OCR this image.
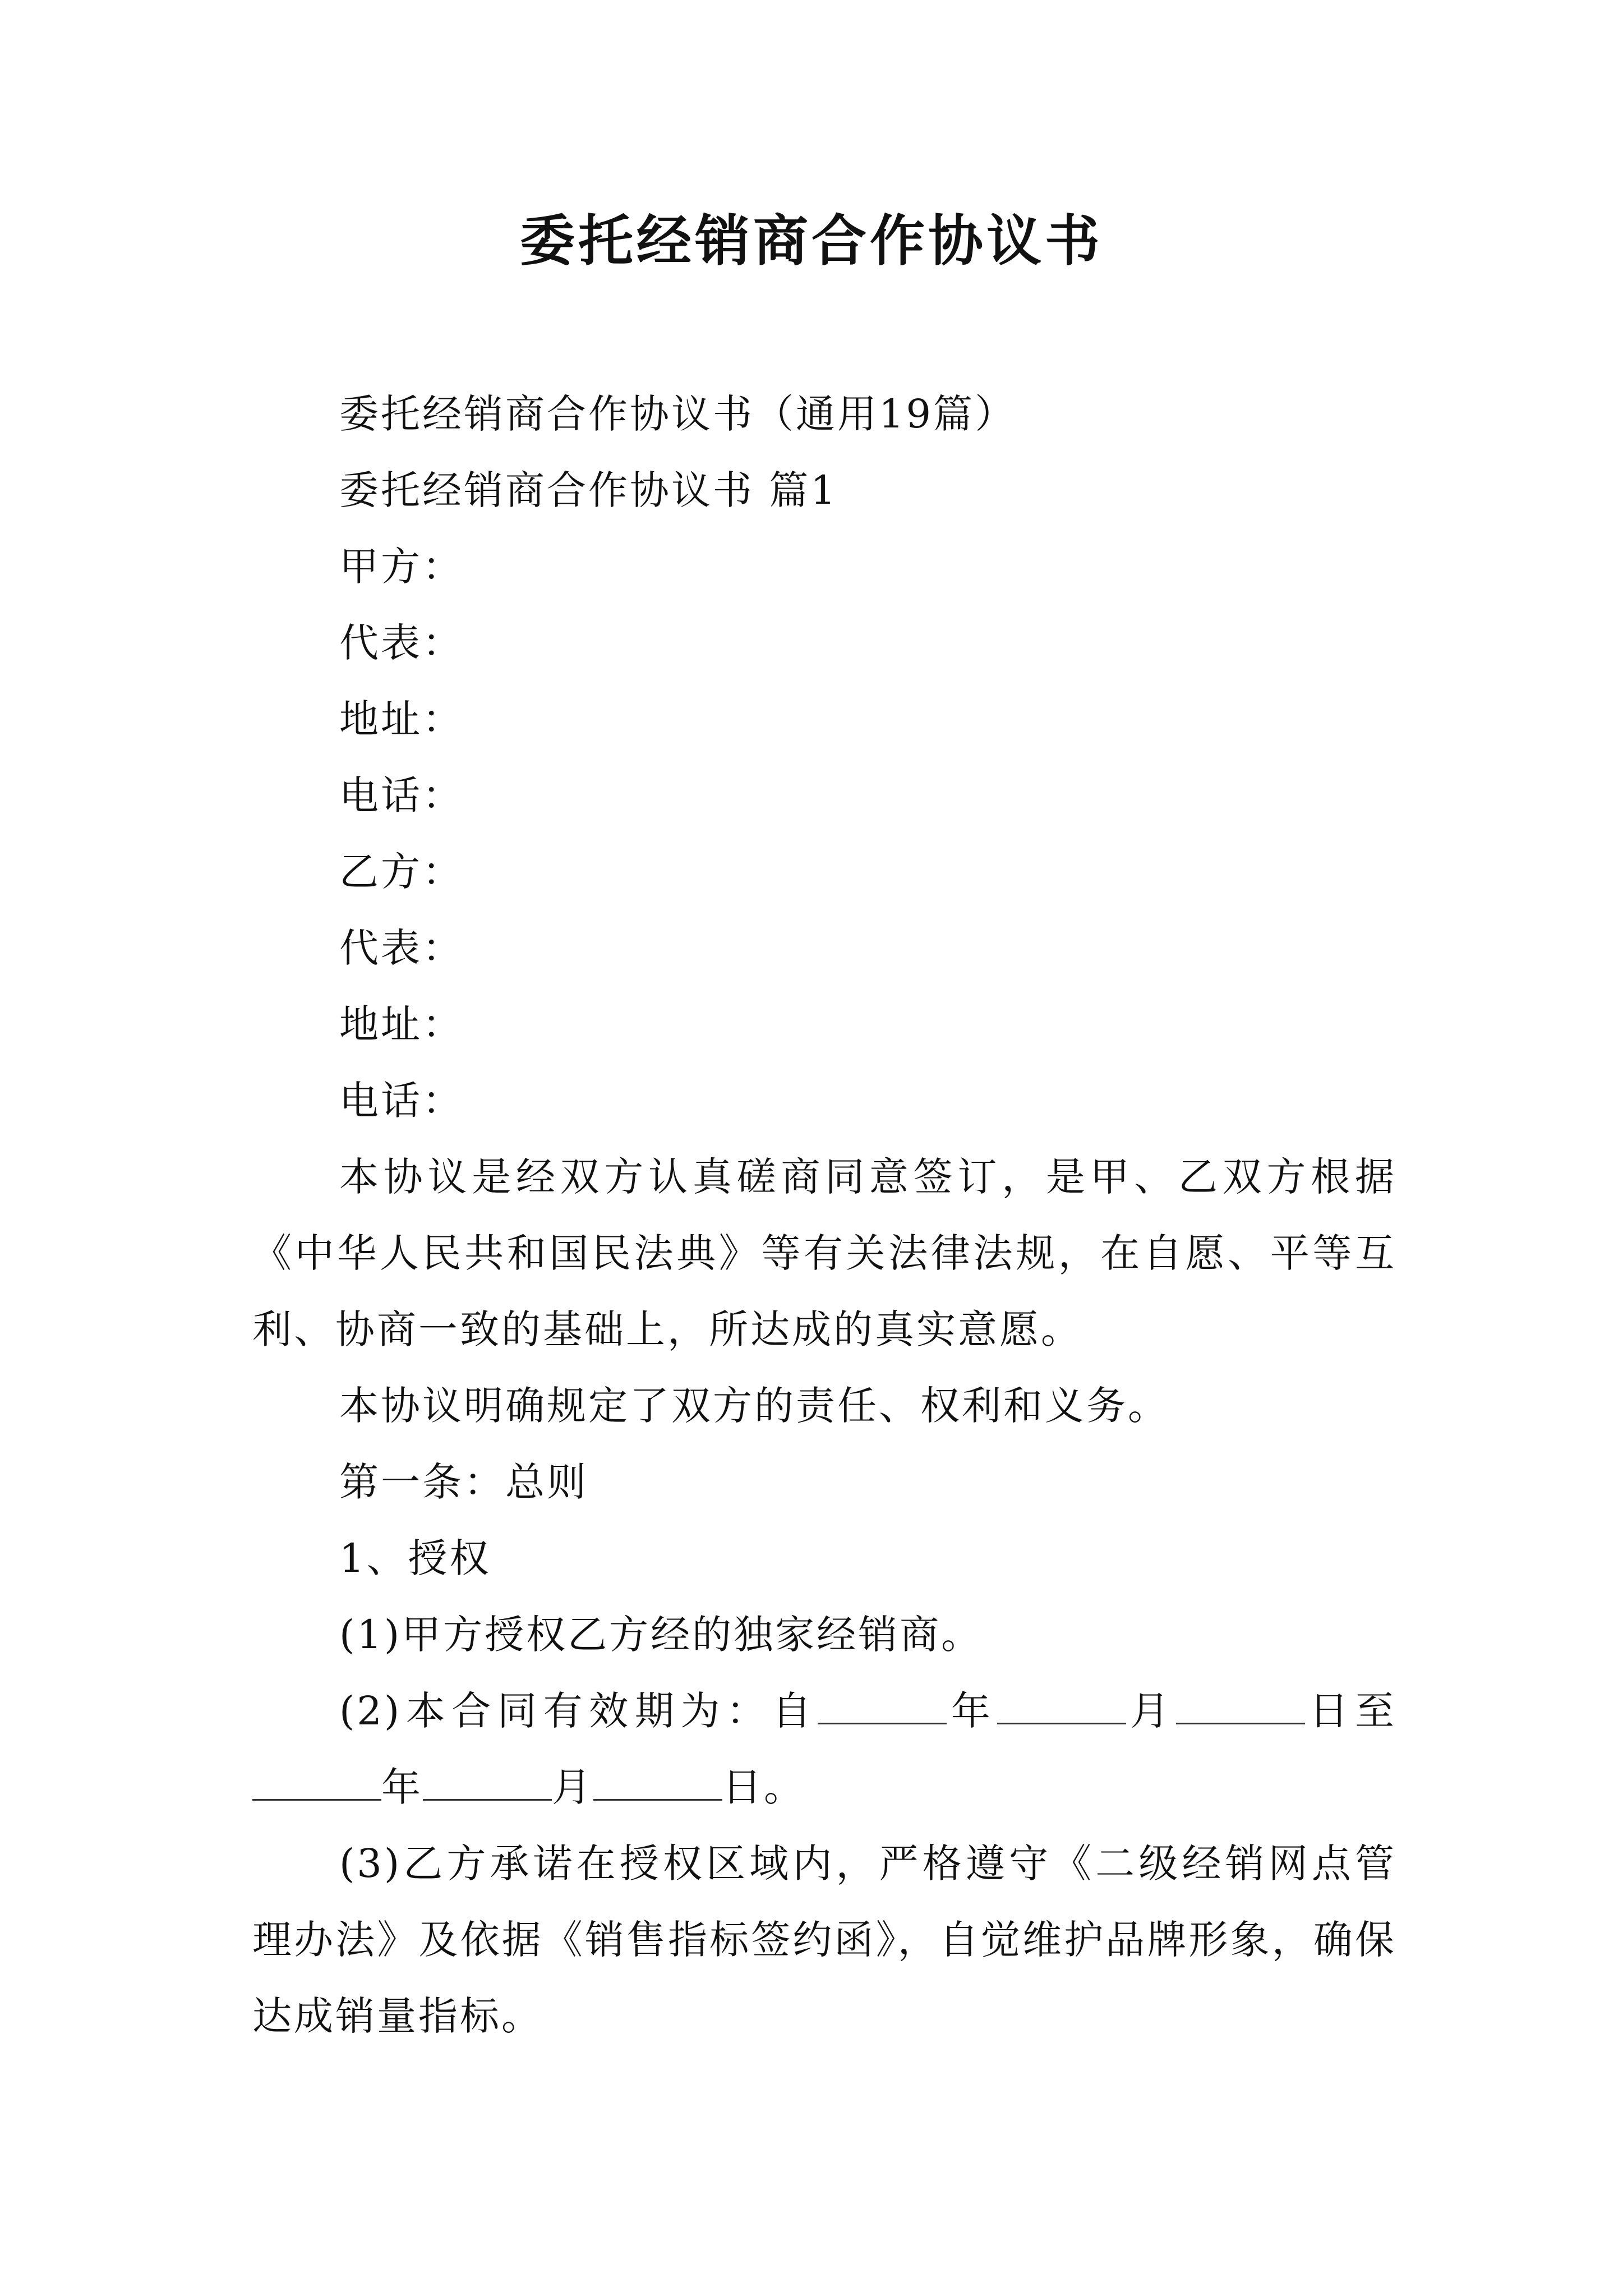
委托经销商合作协议书

委托经销商合作协议书（通用19篇）

委托经销商合作协议书 篇1

甲方：

代表：

地址：

电话：

乙方：

代表：

地址：

电话：

本协议是经双方认真磋商同意签订，是甲、乙双方根据《中华人民共和国民法典》等有关法律法规，在自愿、平等互利、协商一致的基础上，所达成的真实意愿。

本协议明确规定了双方的责任、权利和义务。

第一条：总则

1、授权

(1)甲方授权乙方经的独家经销商。

(2)本合同有效期为：自	年	月	日至年	月	日。

(3)乙方承诺在授权区域内，严格遵守《二级经销网点管理办法》及依据《销售指标签约函》，自觉维护品牌形象，确保达成销量指标。
